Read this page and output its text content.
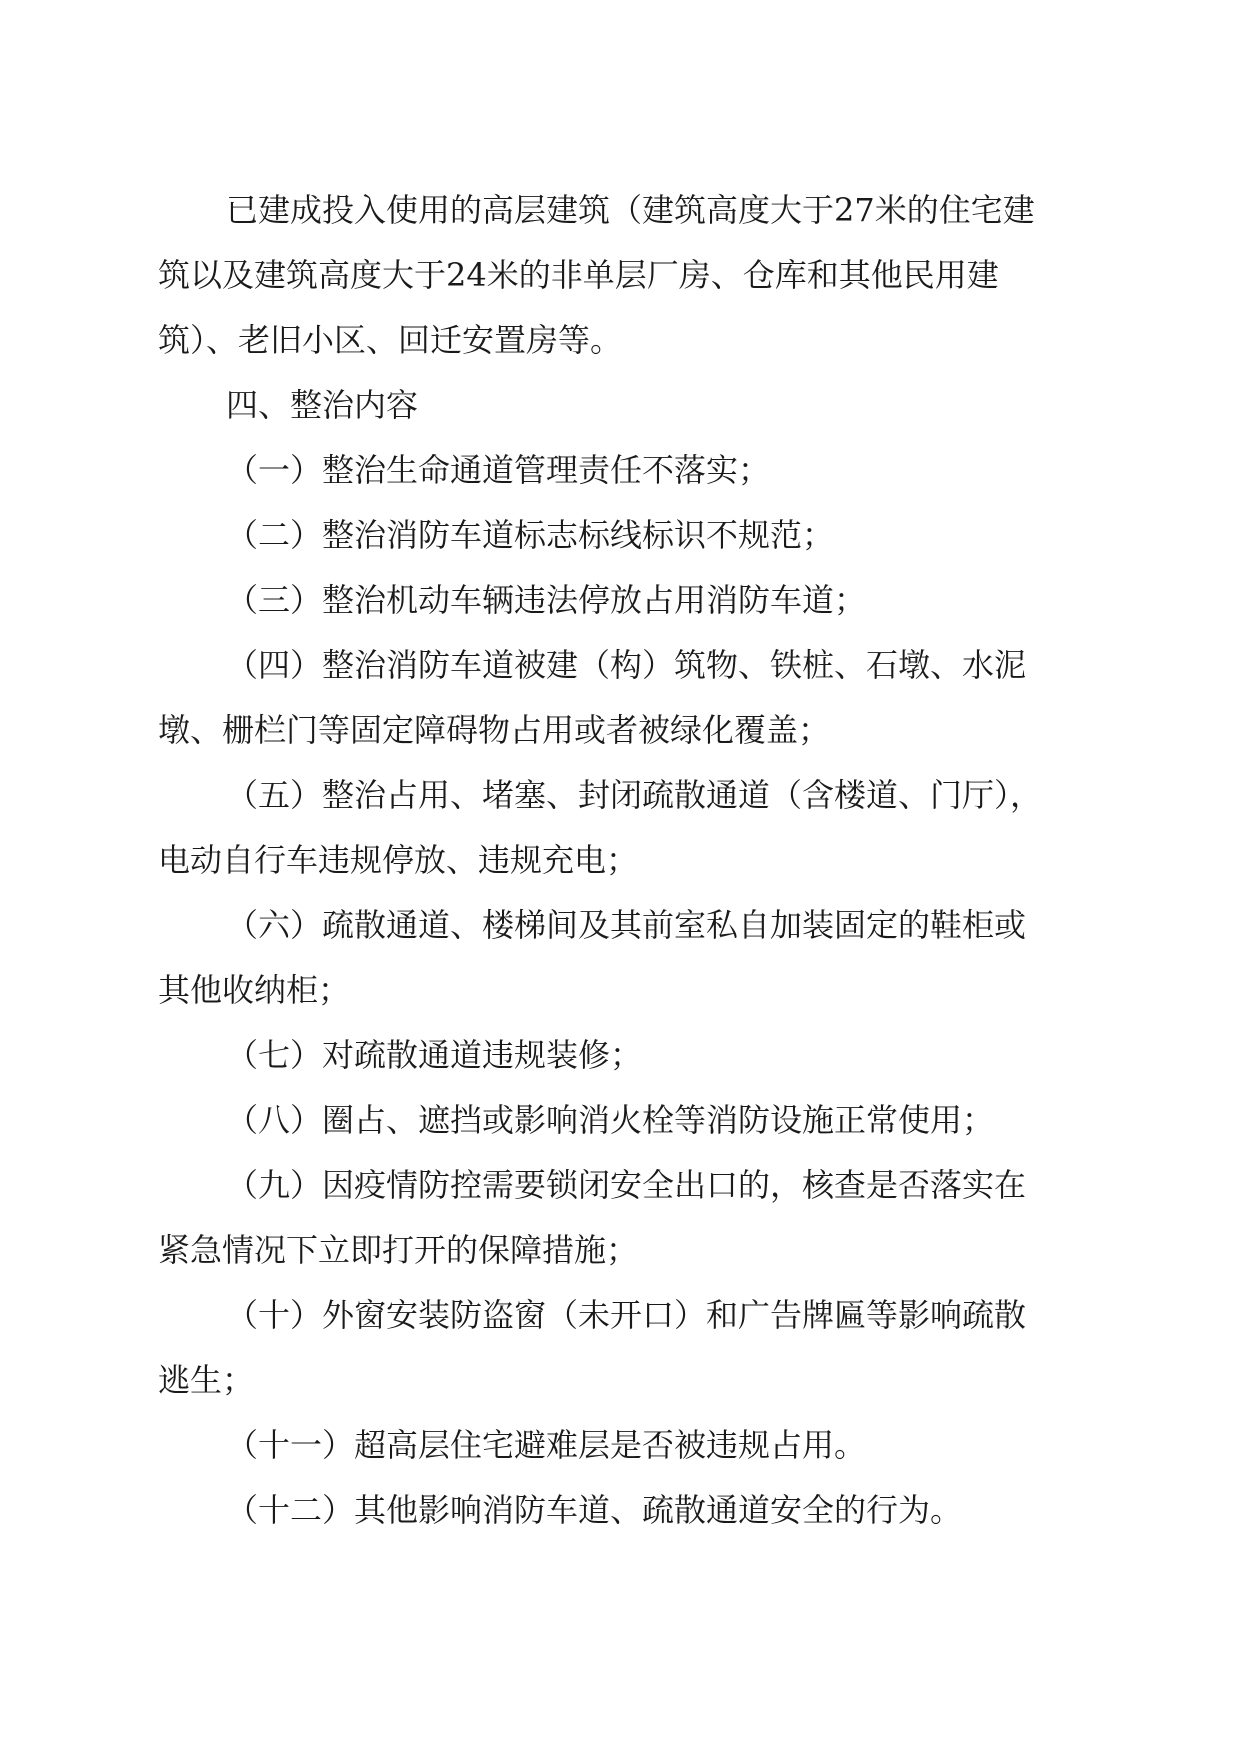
已建成投入使用的高层建筑（建筑高度大于27米的住宅建
筑以及建筑高度大于24米的非单层厂房、仓库和其他民用建
筑）、老旧小区、回迁安置房等。
四、整治内容
（一）整治生命通道管理责任不落实；
（二）整治消防车道标志标线标识不规范；
（三）整治机动车辆违法停放占用消防车道；
（四）整治消防车道被建（构）筑物、铁桩、石墩、水泥
墩、栅栏门等固定障碍物占用或者被绿化覆盖；
（五）整治占用、堵塞、封闭疏散通道（含楼道、门厅），
电动自行车违规停放、违规充电；
（六）疏散通道、楼梯间及其前室私自加装固定的鞋柜或
其他收纳柜；
（七）对疏散通道违规装修；
（八）圈占、遮挡或影响消火栓等消防设施正常使用；
（九）因疫情防控需要锁闭安全出口的，核查是否落实在
紧急情况下立即打开的保障措施；
（十）外窗安装防盗窗（未开口）和广告牌匾等影响疏散
逃生；
（十一）超高层住宅避难层是否被违规占用。
（十二）其他影响消防车道、疏散通道安全的行为。
